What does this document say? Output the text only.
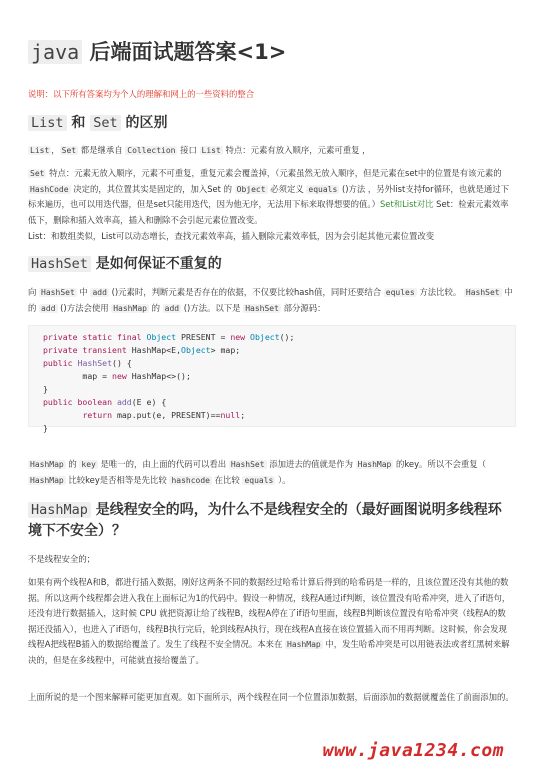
java 后端面试题答案<1>
说明：以下所有答案均为个人的理解和网上的一些资料的整合
List 和 Set 的区别

List ， Set 都是继承自 Collection 接口 List 特点：元素有放入顺序，元素可重复 ，

Set 特点：元素无放入顺序，元素不可重复，重复元素会覆盖掉，（元素虽然无放入顺序，但是元素在set中的位置是有该元素的 HashCode 决定的，其位置其实是固定的，加入Set 的 Object 必须定义 equals ()方法 ，另外list支持for循环，也就是通过下标来遍历，也可以用迭代器，但是set只能用迭代，因为他无序，无法用下标来取得想要的值。）Set和List对比 Set：检索元素效率低下，删除和插入效率高，插入和删除不会引起元素位置改变。

List：和数组类似，List可以动态增长，查找元素效率高，插入删除元素效率低，因为会引起其他元素位置改变

HashSet 是如何保证不重复的

向 HashSet 中 add ()元素时，判断元素是否存在的依据，不仅要比较hash值，同时还要结合 equles 方法比较。 HashSet 中的 add ()方法会使用 HashMap 的 add ()方法。以下是 HashSet 部分源码：

private static final Object PRESENT = new Object();
private transient HashMap<E,Object> map;
public HashSet() {
map = new HashMap<>();
}
public boolean add(E e) {
return map.put(e, PRESENT)==null;
}

HashMap 的 key 是唯一的，由上面的代码可以看出 HashSet 添加进去的值就是作为 HashMap 的key。所以不会重复（ HashMap 比较key是否相等是先比较 hashcode 在比较 equals ）。

HashMap 是线程安全的吗，为什么不是线程安全的（最好画图说明多线程环境下不安全）？

不是线程安全的；

如果有两个线程A和B，都进行插入数据，刚好这两条不同的数据经过哈希计算后得到的哈希码是一样的，且该位置还没有其他的数据。所以这两个线程都会进入我在上面标记为1的代码中。假设一种情况，线程A通过if判断，该位置没有哈希冲突，进入了if语句，还没有进行数据插入，这时候 CPU 就把资源让给了线程B，线程A停在了if语句里面，线程B判断该位置没有哈希冲突（线程A的数据还没插入），也进入了if语句，线程B执行完后，轮到线程A执行，现在线程A直接在该位置插入而不用再判断。这时候，你会发现线程A把线程B插入的数据给覆盖了。发生了线程不安全情况。本来在 HashMap 中，发生哈希冲突是可以用链表法或者红黑树来解决的，但是在多线程中，可能就直接给覆盖了。

上面所说的是一个图来解释可能更加直观。如下面所示，两个线程在同一个位置添加数据，后面添加的数据就覆盖住了前面添加的。

www.java1234.com
